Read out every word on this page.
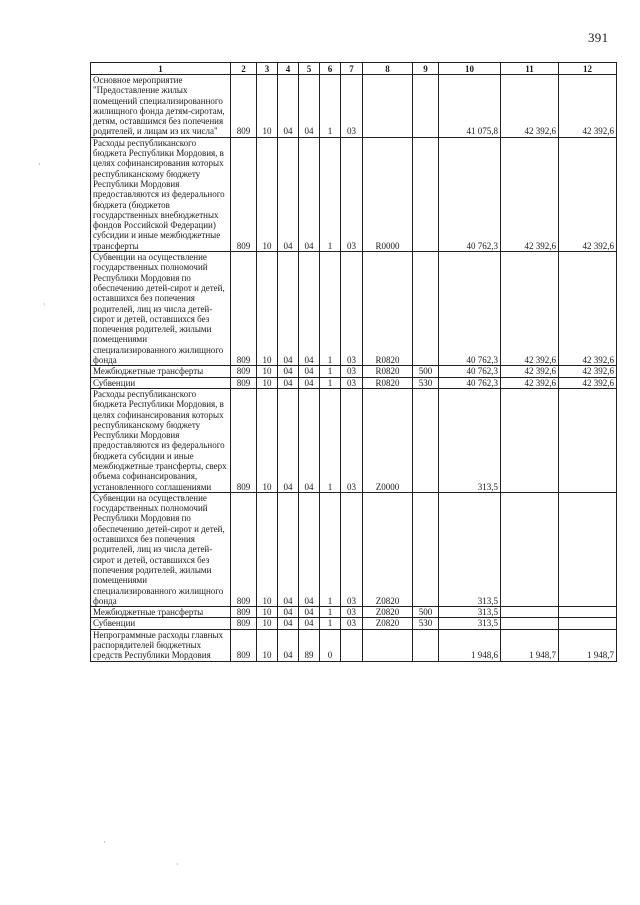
391
·
·
·
·
1	2	3	4	5	6	7	8	9	10	11	12
Основное мероприятие "Предоставление жилых помещений специализированного жилищного фонда детям-сиротам, детям, оставшимся без попечения родителей, и лицам из их числа"	809	10	04	04	1	03			41 075,8	42 392,6	42 392,6
Расходы республиканского бюджета Республики Мордовия, в целях софинансирования которых республиканскому бюджету Республики Мордовия предоставляются из федерального бюджета (бюджетов государственных внебюджетных фондов Российской Федерации) субсидии и иные межбюджетные трансферты	809	10	04	04	1	03	R0000		40 762,3	42 392,6	42 392,6
Субвенции на осуществление государственных полномочий Республики Мордовия по обеспечению детей-сирот и детей, оставшихся без попечения родителей, лиц из числа детей-сирот и детей, оставшихся без попечения родителей, жилыми помещениями специализированного жилищного фонда	809	10	04	04	1	03	R0820		40 762,3	42 392,6	42 392,6
Межбюджетные трансферты	809	10	04	04	1	03	R0820	500	40 762,3	42 392,6	42 392,6
Субвенции	809	10	04	04	1	03	R0820	530	40 762,3	42 392,6	42 392,6
Расходы республиканского бюджета Республики Мордовия, в целях софинансирования которых республиканскому бюджету Республики Мордовия предоставляются из федерального бюджета субсидии и иные межбюджетные трансферты, сверх объема софинансирования, установленного соглашениями	809	10	04	04	1	03	Z0000		313,5		
Субвенции на осуществление государственных полномочий Республики Мордовия по обеспечению детей-сирот и детей, оставшихся без попечения родителей, лиц из числа детей-сирот и детей, оставшихся без попечения родителей, жилыми помещениями специализированного жилищного фонда	809	10	04	04	1	03	Z0820		313,5		
Межбюджетные трансферты	809	10	04	04	1	03	Z0820	500	313,5		
Субвенции	809	10	04	04	1	03	Z0820	530	313,5		
Непрограммные расходы главных распорядителей бюджетных средств Республики Мордовия	809	10	04	89	0				1 948,6	1 948,7	1 948,7
